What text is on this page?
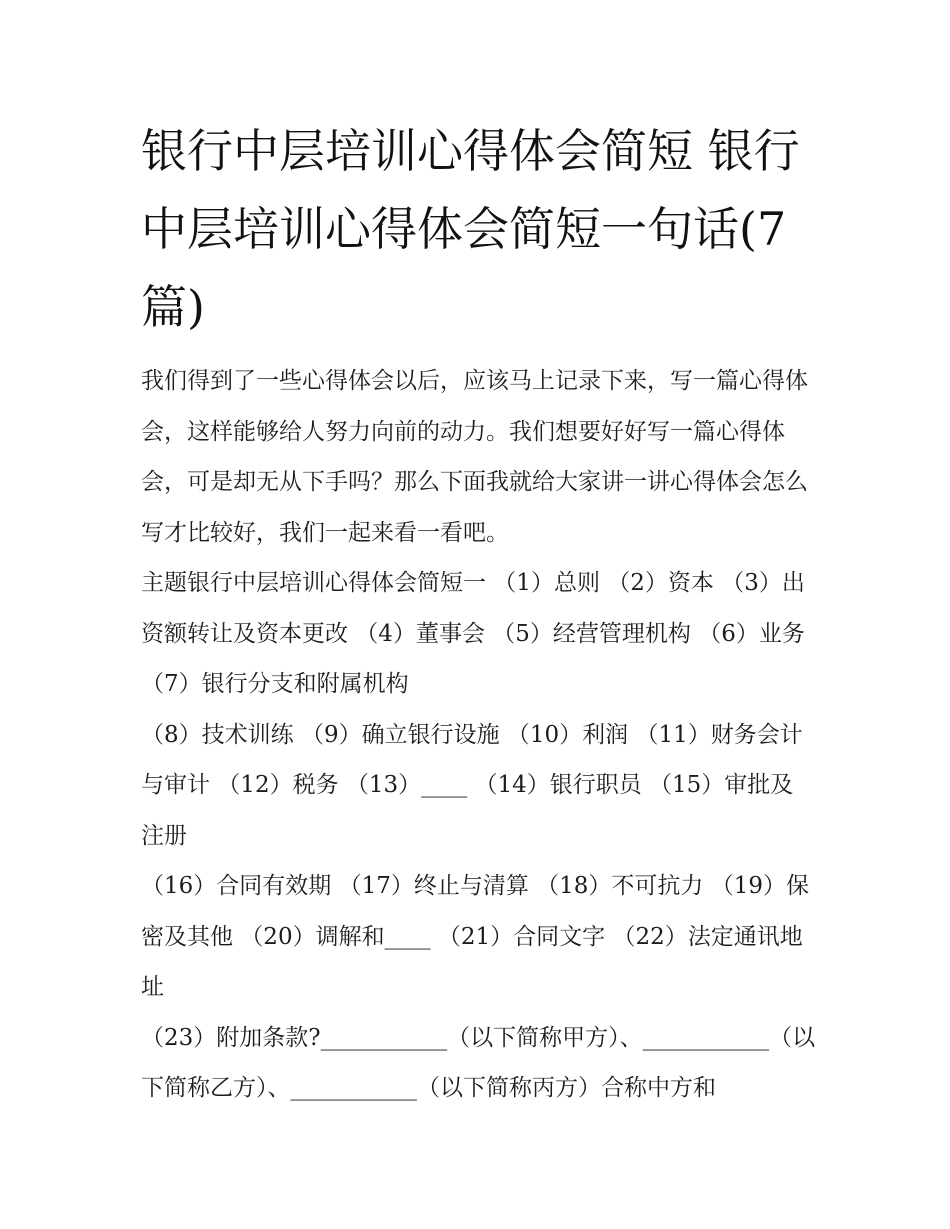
银行中层培训心得体会简短 银行中层培训心得体会简短一句话(7篇)

我们得到了一些心得体会以后，应该马上记录下来，写一篇心得体会，这样能够给人努力向前的动力。我们想要好好写一篇心得体会，可是却无从下手吗？那么下面我就给大家讲一讲心得体会怎么写才比较好，我们一起来看一看吧。

主题银行中层培训心得体会简短一 （1）总则 （2）资本 （3）出资额转让及资本更改 （4）董事会 （5）经营管理机构 （6）业务 （7）银行分支和附属机构

（8）技术训练 （9）确立银行设施 （10）利润 （11）财务会计与审计 （12）税务 （13）____ （14）银行职员 （15）审批及注册

（16）合同有效期 （17）终止与清算 （18）不可抗力 （19）保密及其他 （20）调解和____ （21）合同文字 （22）法定通讯地址

（23）附加条款?___________（以下简称甲方）、___________（以下简称乙方）、___________（以下简称丙方）合称中方和
